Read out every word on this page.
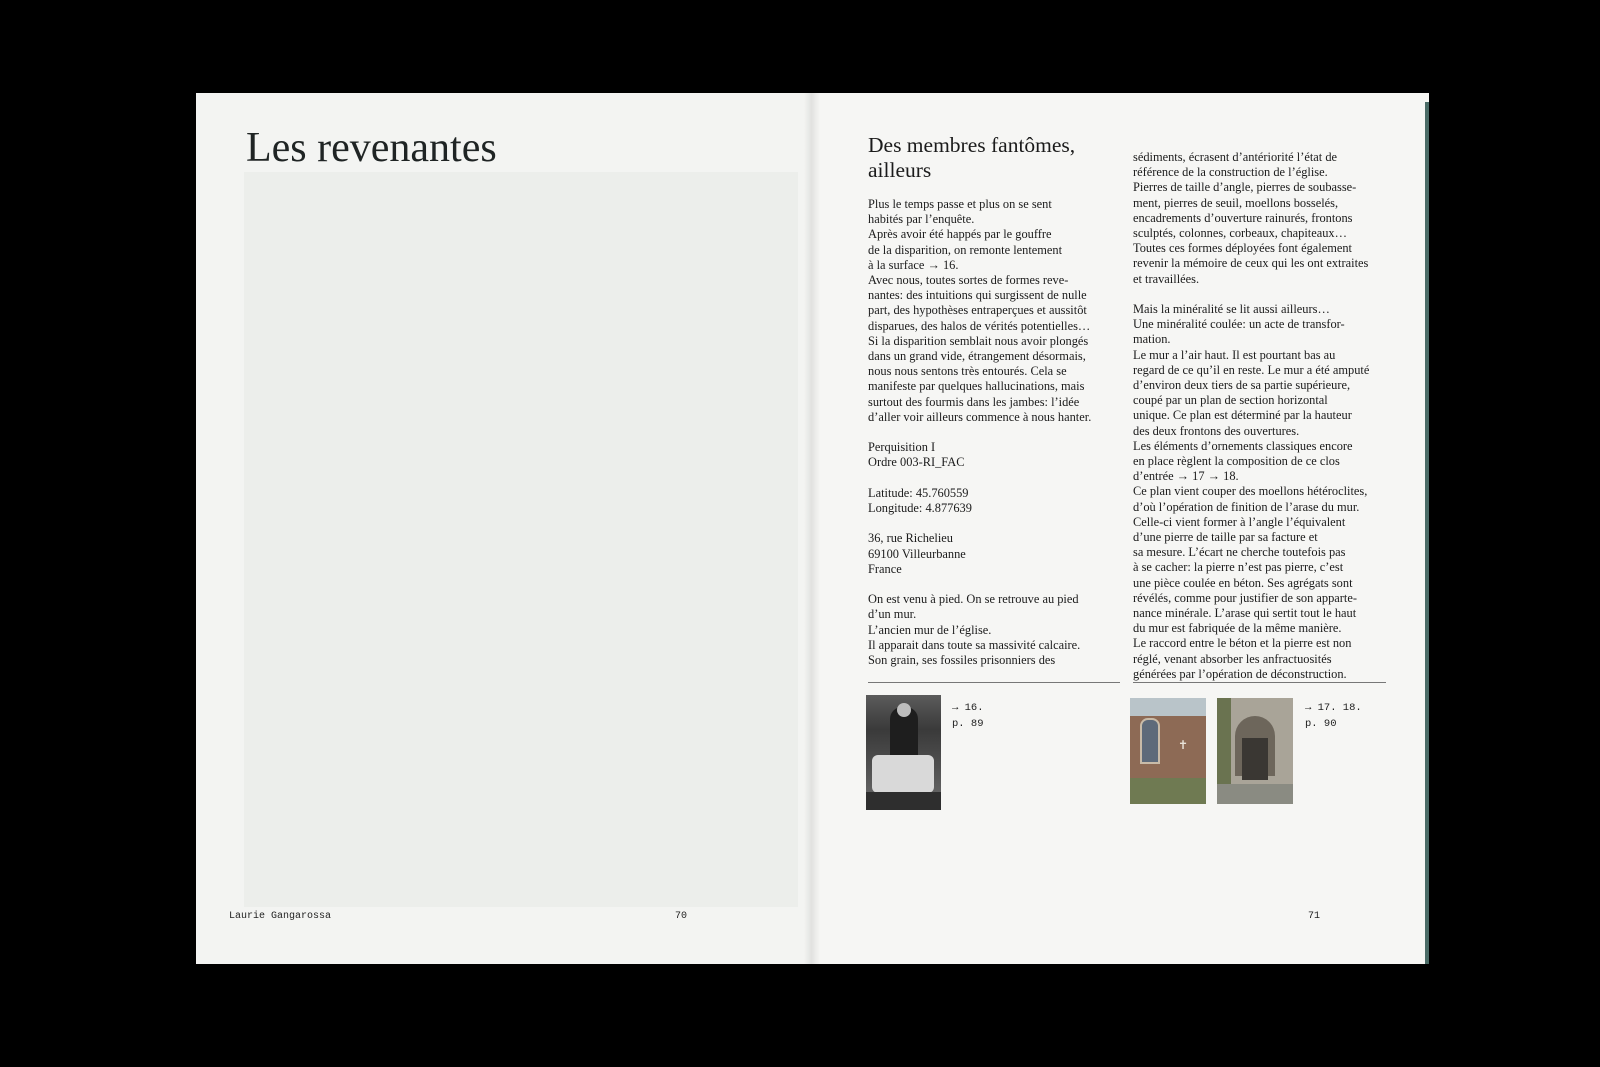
Les revenantes
Laurie Gangarossa	70
Des membres fantômes,
ailleurs

Plus le temps passe et plus on se sent
habités par l’enquête.
Après avoir été happés par le gouffre
de la disparition, on remonte lentement
à la surface → 16.
Avec nous, toutes sortes de formes reve-
nantes: des intuitions qui surgissent de nulle
part, des hypothèses entraperçues et aussitôt
disparues, des halos de vérités potentielles…
Si la disparition semblait nous avoir plongés
dans un grand vide, étrangement désormais,
nous nous sentons très entourés. Cela se
manifeste par quelques hallucinations, mais
surtout des fourmis dans les jambes: l’idée
d’aller voir ailleurs commence à nous hanter.

Perquisition I
Ordre 003-RI_FAC

Latitude: 45.760559
Longitude: 4.877639

36, rue Richelieu
69100 Villeurbanne
France

On est venu à pied. On se retrouve au pied
d’un mur.
L’ancien mur de l’église.
Il apparait dans toute sa massivité calcaire.
Son grain, ses fossiles prisonniers des

sédiments, écrasent d’antériorité l’état de
référence de la construction de l’église.
Pierres de taille d’angle, pierres de soubasse-
ment, pierres de seuil, moellons bosselés,
encadrements d’ouverture rainurés, frontons
sculptés, colonnes, corbeaux, chapiteaux…
Toutes ces formes déployées font également
revenir la mémoire de ceux qui les ont extraites
et travaillées.

Mais la minéralité se lit aussi ailleurs…
Une minéralité coulée: un acte de transfor-
mation.
Le mur a l’air haut. Il est pourtant bas au
regard de ce qu’il en reste. Le mur a été amputé
d’environ deux tiers de sa partie supérieure,
coupé par un plan de section horizontal
unique. Ce plan est déterminé par la hauteur
des deux frontons des ouvertures.
Les éléments d’ornements classiques encore
en place règlent la composition de ce clos
d’entrée → 17 → 18.
Ce plan vient couper des moellons hétéroclites,
d’où l’opération de finition de l’arase du mur.
Celle-ci vient former à l’angle l’équivalent
d’une pierre de taille par sa facture et
sa mesure. L’écart ne cherche toutefois pas
à se cacher: la pierre n’est pas pierre, c’est
une pièce coulée en béton. Ses agrégats sont
révélés, comme pour justifier de son apparte-
nance minérale. L’arase qui sertit tout le haut
du mur est fabriquée de la même manière.
Le raccord entre le béton et la pierre est non
réglé, venant absorber les anfractuosités
générées par l’opération de déconstruction.

→ 16.
p. 89
✝
→ 17. 18.
p. 90
71
